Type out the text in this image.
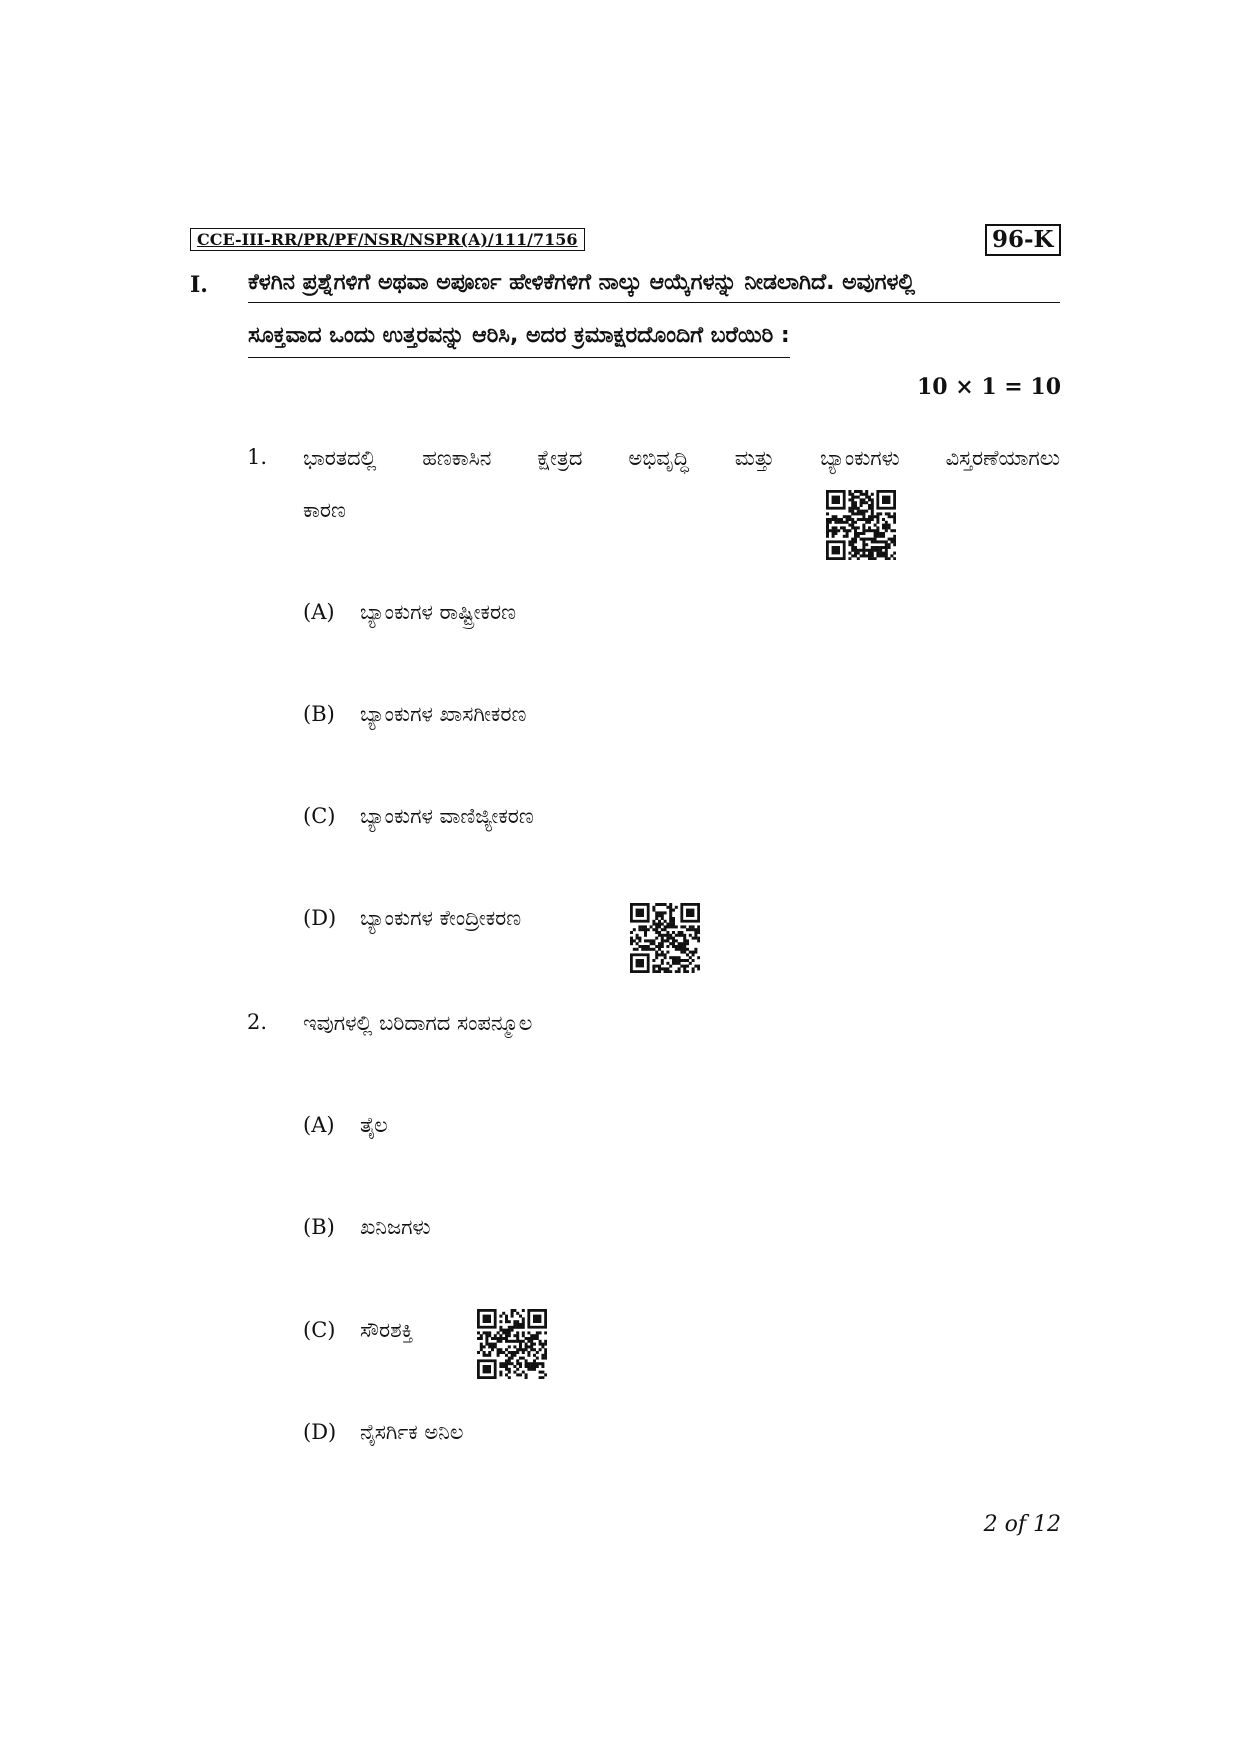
CCE-III-RR/PR/PF/NSR/NSPR(A)/111/7156	96-K
I. ಕೆಳಗಿನ ಪ್ರಶ್ನೆಗಳಿಗೆ ಅಥವಾ ಅಪೂರ್ಣ ಹೇಳಿಕೆಗಳಿಗೆ ನಾಲ್ಕು ಆಯ್ಕೆಗಳನ್ನು ನೀಡಲಾಗಿದೆ. ಅವುಗಳಲ್ಲಿ
ಸೂಕ್ತವಾದ ಒಂದು ಉತ್ತರವನ್ನು ಆರಿಸಿ, ಅದರ ಕ್ರಮಾಕ್ಷರದೊಂದಿಗೆ ಬರೆಯಿರಿ :
10 × 1 = 10
1. ಭಾರತದಲ್ಲಿ ಹಣಕಾಸಿನ ಕ್ಷೇತ್ರದ ಅಭಿವೃದ್ಧಿ ಮತ್ತು ಬ್ಯಾಂಕುಗಳು ವಿಸ್ತರಣೆಯಾಗಲು
ಕಾರಣ
(A) ಬ್ಯಾಂಕುಗಳ ರಾಷ್ಟ್ರೀಕರಣ
(B) ಬ್ಯಾಂಕುಗಳ ಖಾಸಗೀಕರಣ
(C) ಬ್ಯಾಂಕುಗಳ ವಾಣಿಜ್ಯೀಕರಣ
(D) ಬ್ಯಾಂಕುಗಳ ಕೇಂದ್ರೀಕರಣ
2. ಇವುಗಳಲ್ಲಿ ಬರಿದಾಗದ ಸಂಪನ್ಮೂಲ
(A) ತೈಲ
(B) ಖನಿಜಗಳು
(C) ಸೌರಶಕ್ತಿ
(D) ನೈಸರ್ಗಿಕ ಅನಿಲ
2 of 12
